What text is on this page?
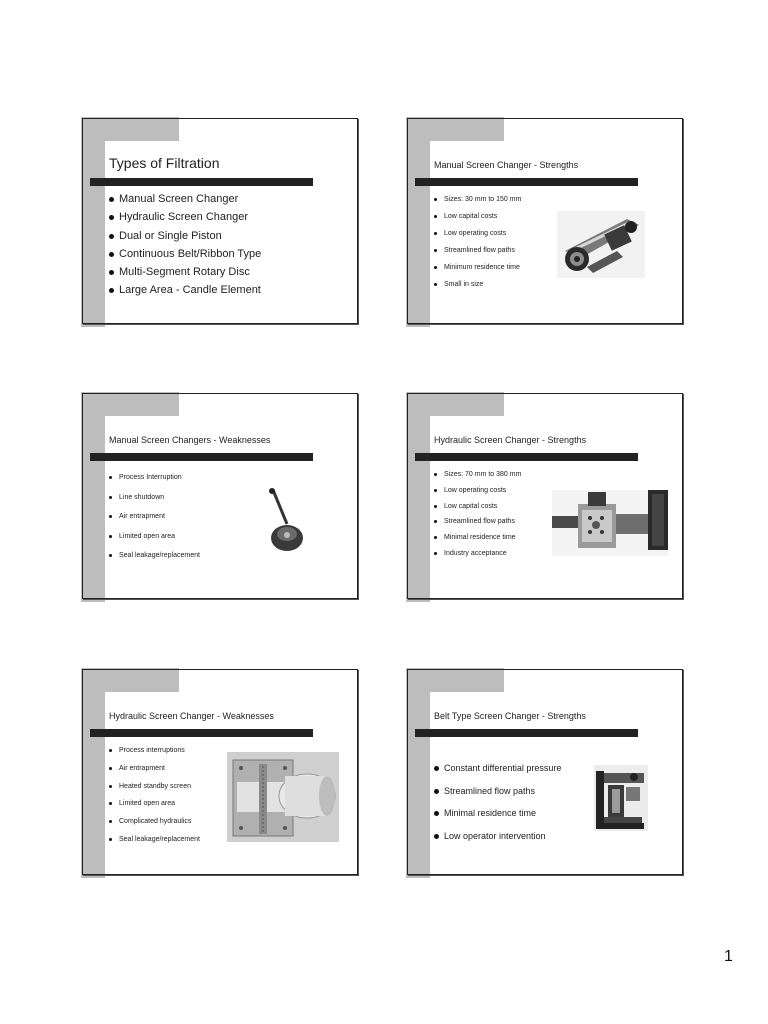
Types of Filtration
Manual Screen Changer
Hydraulic Screen Changer
Dual or Single Piston
Continuous Belt/Ribbon Type
Multi-Segment Rotary Disc
Large Area - Candle Element
Manual Screen Changer - Strengths
Sizes: 30 mm to 150 mm
Low capital costs
Low operating costs
Streamlined flow paths
Minimum residence time
Small in size
Manual Screen Changers - Weaknesses
Process Interruption
Line shutdown
Air entrapment
Limited open area
Seal leakage/replacement
Hydraulic Screen Changer - Strengths
Sizes: 70 mm to 380 mm
Low operating costs
Low capital costs
Streamlined flow paths
Minimal residence time
Industry acceptance
Hydraulic Screen Changer - Weaknesses
Process interruptions
Air entrapment
Heated standby screen
Limited open area
Complicated hydraulics
Seal leakage/replacement
Belt Type Screen Changer - Strengths
Constant differential pressure
Streamlined flow paths
Minimal residence time
Low operator intervention
1
